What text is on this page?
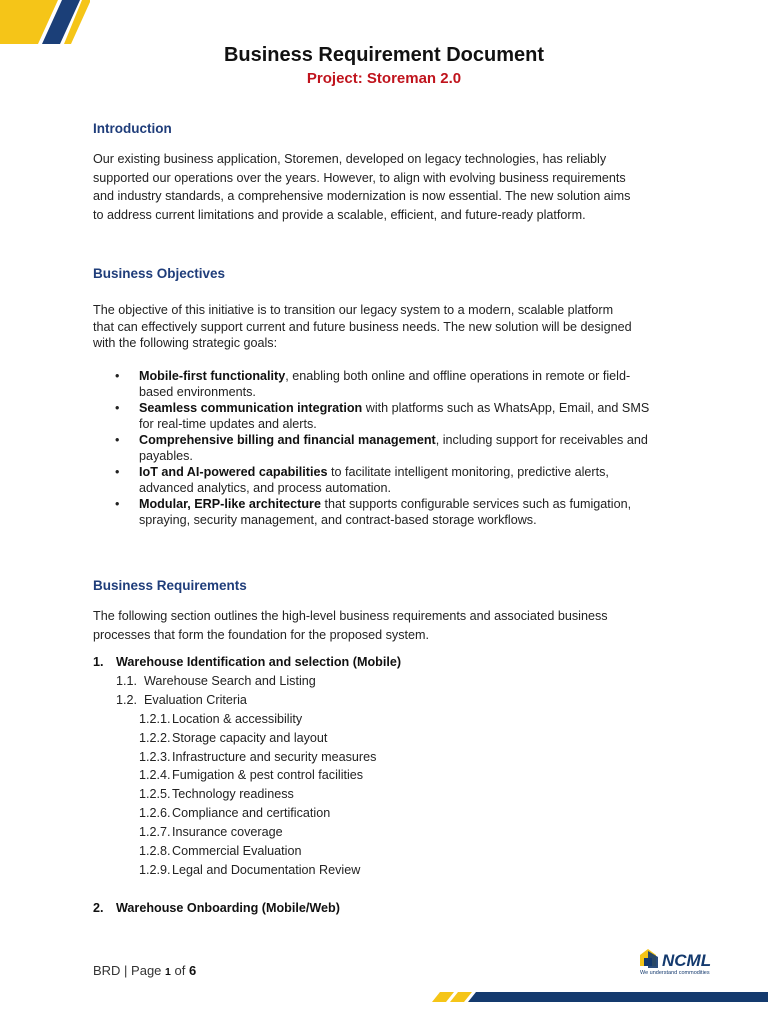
Business Requirement Document
Project: Storeman 2.0
Introduction
Our existing business application, Storemen, developed on legacy technologies, has reliably
supported our operations over the years. However, to align with evolving business requirements
and industry standards, a comprehensive modernization is now essential. The new solution aims
to address current limitations and provide a scalable, efficient, and future-ready platform.
Business Objectives
The objective of this initiative is to transition our legacy system to a modern, scalable platform
that can effectively support current and future business needs. The new solution will be designed
with the following strategic goals:
• Mobile-first functionality, enabling both online and offline operations in remote or field-
based environments.
• Seamless communication integration with platforms such as WhatsApp, Email, and SMS
for real-time updates and alerts.
• Comprehensive billing and financial management, including support for receivables and
payables.
• IoT and AI-powered capabilities to facilitate intelligent monitoring, predictive alerts,
advanced analytics, and process automation.
• Modular, ERP-like architecture that supports configurable services such as fumigation,
spraying, security management, and contract-based storage workflows.
Business Requirements
The following section outlines the high-level business requirements and associated business
processes that form the foundation for the proposed system.
1. Warehouse Identification and selection (Mobile)
1.1. Warehouse Search and Listing
1.2. Evaluation Criteria
1.2.1.Location & accessibility
1.2.2.Storage capacity and layout
1.2.3.Infrastructure and security measures
1.2.4.Fumigation & pest control facilities
1.2.5.Technology readiness
1.2.6.Compliance and certification
1.2.7.Insurance coverage
1.2.8.Commercial Evaluation
1.2.9.Legal and Documentation Review
2. Warehouse Onboarding (Mobile/Web)
BRD | Page 1 of 6
NCML
We understand commodities
